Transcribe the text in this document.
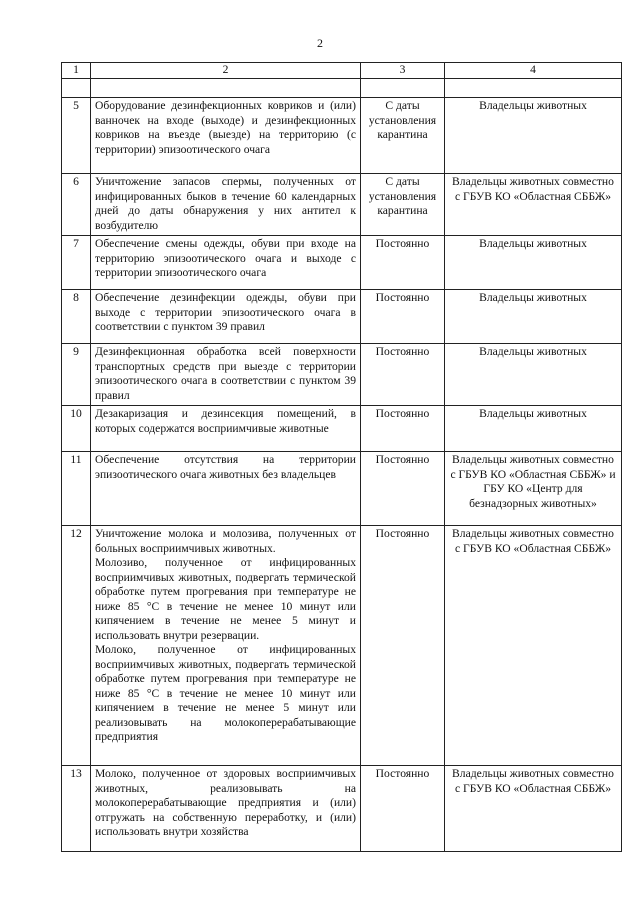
2
1	2	3	4

5	Оборудование дезинфекционных ковриков и (или) ванночек на входе (выходе) и дезинфекционных ковриков на въезде (выезде) на территорию (с территории) эпизоотического очага	С даты установления карантина	Владельцы животных
6	Уничтожение запасов спермы, полученных от инфицированных быков в течение 60 календарных дней до даты обнаружения у них антител к возбудителю	С даты установления карантина	Владельцы животных совместно с ГБУВ КО «Областная СББЖ»
7	Обеспечение смены одежды, обуви при входе на территорию эпизоотического очага и выходе с территории эпизоотического очага	Постоянно	Владельцы животных
8	Обеспечение дезинфекции одежды, обуви при выходе с территории эпизоотического очага в соответствии с пунктом 39 правил	Постоянно	Владельцы животных
9	Дезинфекционная обработка всей поверхности транспортных средств при выезде с территории эпизоотического очага в соответствии с пунктом 39 правил	Постоянно	Владельцы животных
10	Дезакаризация и дезинсекция помещений, в которых содержатся восприимчивые животные	Постоянно	Владельцы животных
11	Обеспечение отсутствия на территории эпизоотического очага животных без владельцев	Постоянно	Владельцы животных совместно с ГБУВ КО «Областная СББЖ» и ГБУ КО «Центр для безнадзорных животных»
12	Уничтожение молока и молозива, полученных от больных восприимчивых животных.
Молозиво, полученное от инфицированных восприимчивых животных, подвергать термической обработке путем прогревания при температуре не ниже 85 °С в течение не менее 10 минут или кипячением в течение не менее 5 минут и использовать внутри резервации.
Молоко, полученное от инфицированных восприимчивых животных, подвергать термической обработке путем прогревания при температуре не ниже 85 °С в течение не менее 10 минут или кипячением в течение не менее 5 минут или реализовывать на молокоперерабатывающие предприятия	Постоянно	Владельцы животных совместно с ГБУВ КО «Областная СББЖ»
13	Молоко, полученное от здоровых восприимчивых животных, реализовывать на молокоперерабатывающие предприятия и (или) отгружать на собственную переработку, и (или) использовать внутри хозяйства	Постоянно	Владельцы животных совместно с ГБУВ КО «Областная СББЖ»
